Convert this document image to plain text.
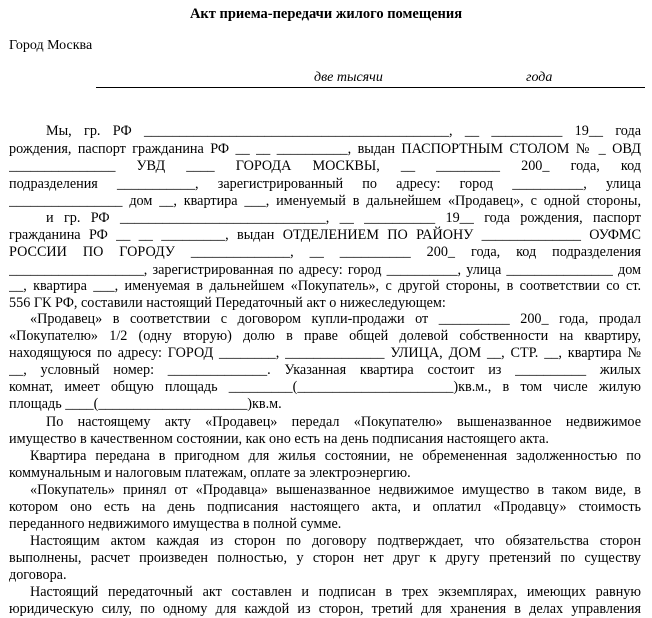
Акт приема-передачи жилого помещения
Город Москва
две тысячи	года
Мы, гр. РФ ___________________________________________, __ __________ 19__ года
рождения, паспорт гражданина РФ __ __ __________, выдан ПАСПОРТНЫМ СТОЛОМ № _ ОВД
_______________ УВД ____ ГОРОДА МОСКВЫ, __ _________ 200_ года, код
подразделения ___________, зарегистрированный по адресу: город __________, улица
________________ дом __, квартира ___, именуемый в дальнейшем «Продавец», с одной стороны,
и гр. РФ _____________________________, __ __________ 19__ года рождения, паспорт
гражданина РФ __ __ _________, выдан ОТДЕЛЕНИЕМ ПО РАЙОНУ ______________ ОУФМС
РОССИИ ПО ГОРОДУ ______________, __ __________ 200_ года, код подразделения
___________________, зарегистрированная по адресу: город __________, улица _______________ дом
__, квартира ___, именуемая в дальнейшем «Покупатель», с другой стороны, в соответствии со ст.
556 ГК РФ, составили настоящий Передаточный акт о нижеследующем:
«Продавец» в соответствии с договором купли-продажи от __________ 200_ года, продал
«Покупателю» 1/2 (одну вторую) долю в праве общей долевой собственности на квартиру,
находящуюся по адресу: ГОРОД ________, ______________ УЛИЦА, ДОМ __, СТР. __, квартира №
__, условный номер: ______________. Указанная квартира состоит из __________ жилых
комнат, имеет общую площадь _________(______________________)кв.м., в том числе жилую
площадь ____(_____________________)кв.м.
По настоящему акту «Продавец» передал «Покупателю» вышеназванное недвижимое
имущество в качественном состоянии, как оно есть на день подписания настоящего акта.
Квартира передана в пригодном для жилья состоянии, не обремененная задолженностью по
коммунальным и налоговым платежам, оплате за электроэнергию.
«Покупатель» принял от «Продавца» вышеназванное недвижимое имущество в таком виде, в
котором оно есть на день подписания настоящего акта, и оплатил «Продавцу» стоимость
переданного недвижимого имущества в полной сумме.
Настоящим актом каждая из сторон по договору подтверждает, что обязательства сторон
выполнены, расчет произведен полностью, у сторон нет друг к другу претензий по существу
договора.
Настоящий передаточный акт составлен и подписан в трех экземплярах, имеющих равную
юридическую силу, по одному для каждой из сторон, третий для хранения в делах управления
